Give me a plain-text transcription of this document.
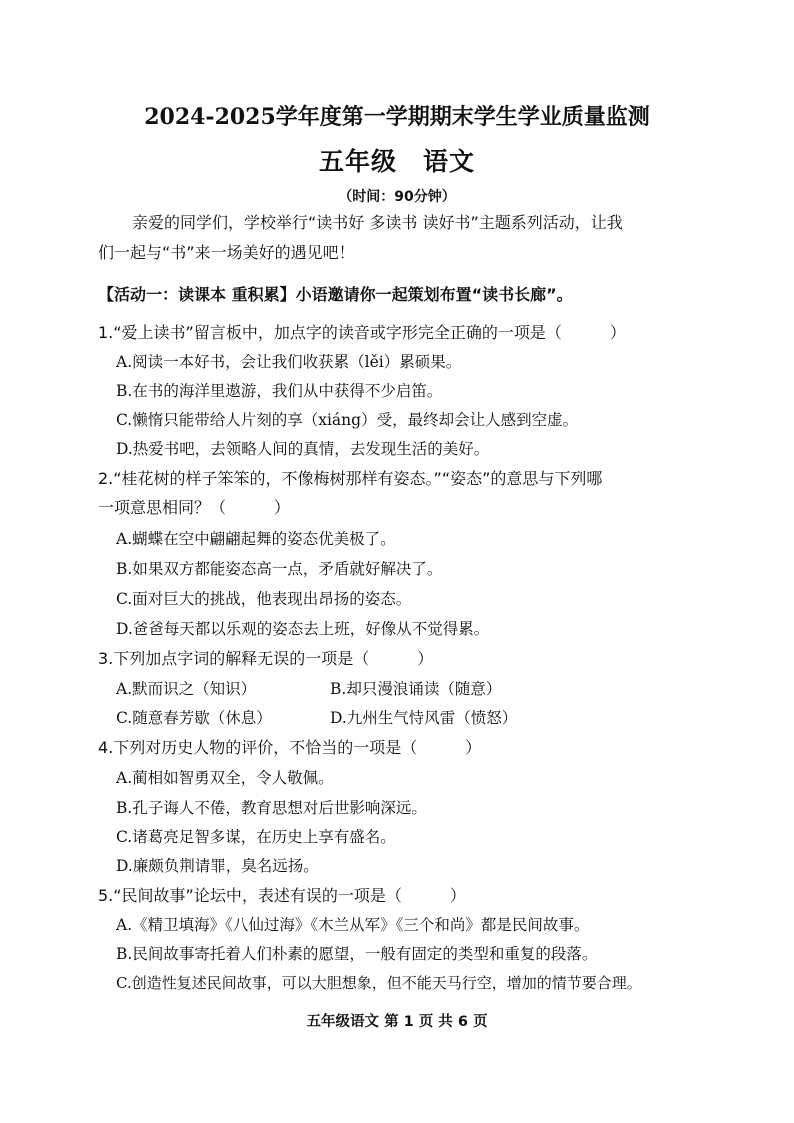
2024-2025学年度第一学期期末学生学业质量监测
五年级　语文
（时间：90分钟）
亲爱的同学们，学校举行“读书好 多读书 读好书”主题系列活动，让我
们一起与“书”来一场美好的遇见吧！
【活动一：读课本 重积累】小语邀请你一起策划布置“读书长廊”。
1.“爱上读书”留言板中，加点字的读音或字形完全正确的一项是（　　　）
A.阅读一本好书，会让我们收获累（lěi）累硕果。
B.在书的海洋里遨游，我们从中获得不少启笛。
C.懒惰只能带给人片刻的享（xiáng）受，最终却会让人感到空虚。
D.热爱书吧，去领略人间的真情，去发现生活的美好。
2.“桂花树的样子笨笨的，不像梅树那样有姿态。”“姿态”的意思与下列哪
一项意思相同？（　　　）
A.蝴蝶在空中翩翩起舞的姿态优美极了。
B.如果双方都能姿态高一点，矛盾就好解决了。
C.面对巨大的挑战，他表现出昂扬的姿态。
D.爸爸每天都以乐观的姿态去上班，好像从不觉得累。
3.下列加点字词的解释无误的一项是（　　　）
A.默而识之（知识）	B.却只漫浪诵读（随意）
C.随意春芳歇（休息）	D.九州生气恃风雷（愤怒）
4.下列对历史人物的评价，不恰当的一项是（　　　）
A.蔺相如智勇双全，令人敬佩。
B.孔子诲人不倦，教育思想对后世影响深远。
C.诸葛亮足智多谋，在历史上享有盛名。
D.廉颇负荆请罪，臭名远扬。
5.“民间故事”论坛中，表述有误的一项是（　　　）
A.《精卫填海》《八仙过海》《木兰从军》《三个和尚》都是民间故事。
B.民间故事寄托着人们朴素的愿望，一般有固定的类型和重复的段落。
C.创造性复述民间故事，可以大胆想象，但不能天马行空，增加的情节要合理。
五年级语文 第 1 页 共 6 页
